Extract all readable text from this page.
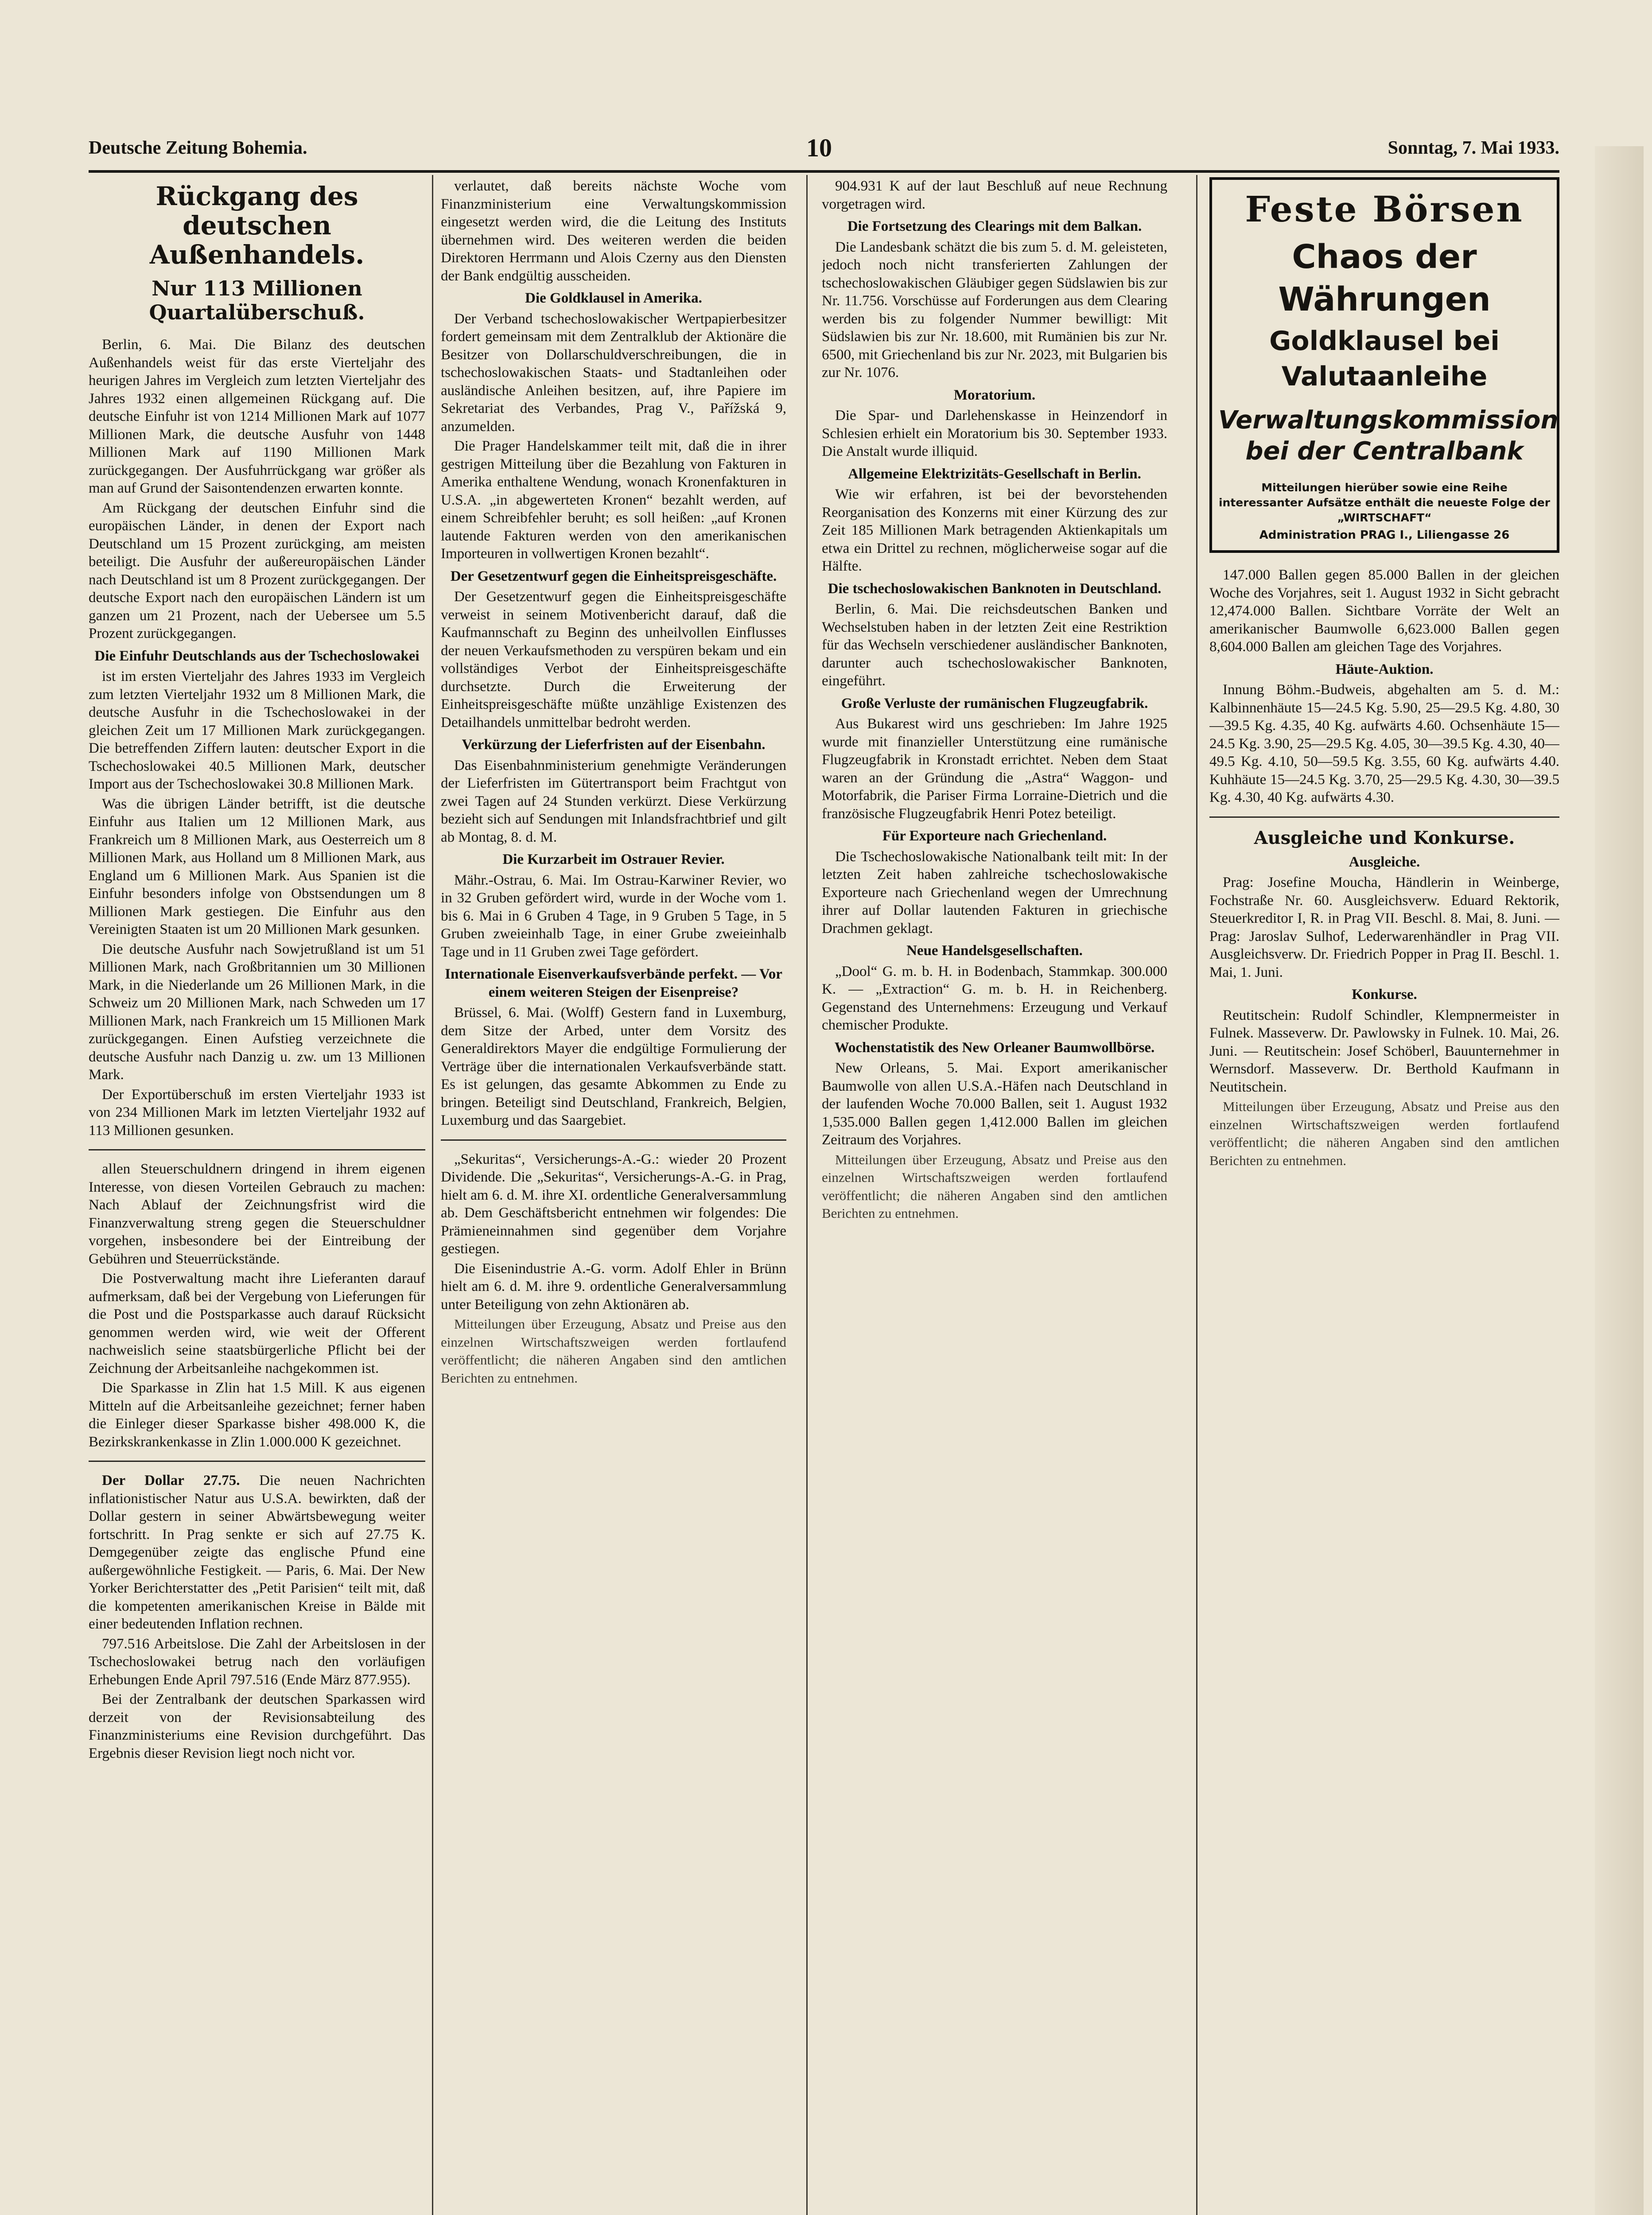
Deutsche Zeitung Bohemia.	10	Sonntag, 7. Mai 1933.
Rückgang des deutschen Außenhandels.
Nur 113 Millionen Quartalüberschuß.

Berlin, 6. Mai. Die Bilanz des deutschen Außenhandels weist für das erste Vierteljahr des heurigen Jahres im Vergleich zum letzten Vierteljahr des Jahres 1932 einen allgemeinen Rückgang auf. Die deutsche Einfuhr ist von 1214 Millionen Mark auf 1077 Millionen Mark, die deutsche Ausfuhr von 1448 Millionen Mark auf 1190 Millionen Mark zurückgegangen. Der Ausfuhrrückgang war größer als man auf Grund der Saisontendenzen erwarten konnte.

Am Rückgang der deutschen Einfuhr sind die europäischen Länder, in denen der Export nach Deutschland um 15 Prozent zurückging, am meisten beteiligt. Die Ausfuhr der außereuropäischen Länder nach Deutschland ist um 8 Prozent zurückgegangen. Der deutsche Export nach den europäischen Ländern ist um ganzen um 21 Prozent, nach der Uebersee um 5.5 Prozent zurückgegangen.

Die Einfuhr Deutschlands aus der Tschechoslowakei

ist im ersten Vierteljahr des Jahres 1933 im Vergleich zum letzten Vierteljahr 1932 um 8 Millionen Mark, die deutsche Ausfuhr in die Tschechoslowakei in der gleichen Zeit um 17 Millionen Mark zurückgegangen. Die betreffenden Ziffern lauten: deutscher Export in die Tschechoslowakei 40.5 Millionen Mark, deutscher Import aus der Tschechoslowakei 30.8 Millionen Mark.

Was die übrigen Länder betrifft, ist die deutsche Einfuhr aus Italien um 12 Millionen Mark, aus Frankreich um 8 Millionen Mark, aus Oesterreich um 8 Millionen Mark, aus Holland um 8 Millionen Mark, aus England um 6 Millionen Mark. Aus Spanien ist die Einfuhr besonders infolge von Obstsendungen um 8 Millionen Mark gestiegen. Die Einfuhr aus den Vereinigten Staaten ist um 20 Millionen Mark gesunken.

Die deutsche Ausfuhr nach Sowjetrußland ist um 51 Millionen Mark, nach Großbritannien um 30 Millionen Mark, in die Niederlande um 26 Millionen Mark, in die Schweiz um 20 Millionen Mark, nach Schweden um 17 Millionen Mark, nach Frankreich um 15 Millionen Mark zurückgegangen. Einen Aufstieg verzeichnete die deutsche Ausfuhr nach Danzig u. zw. um 13 Millionen Mark.

Der Exportüberschuß im ersten Vierteljahr 1933 ist von 234 Millionen Mark im letzten Vierteljahr 1932 auf 113 Millionen gesunken.

allen Steuerschuldnern dringend in ihrem eigenen Interesse, von diesen Vorteilen Gebrauch zu machen: Nach Ablauf der Zeichnungsfrist wird die Finanzverwaltung streng gegen die Steuerschuldner vorgehen, insbesondere bei der Eintreibung der Gebühren und Steuerrückstände.

Die Postverwaltung macht ihre Lieferanten darauf aufmerksam, daß bei der Vergebung von Lieferungen für die Post und die Postsparkasse auch darauf Rücksicht genommen werden wird, wie weit der Offerent nachweislich seine staatsbürgerliche Pflicht bei der Zeichnung der Arbeitsanleihe nachgekommen ist.

Die Sparkasse in Zlin hat 1.5 Mill. K aus eigenen Mitteln auf die Arbeitsanleihe gezeichnet; ferner haben die Einleger dieser Sparkasse bisher 498.000 K, die Bezirkskrankenkasse in Zlin 1.000.000 K gezeichnet.

Der Dollar 27.75. Die neuen Nachrichten inflationistischer Natur aus U.S.A. bewirkten, daß der Dollar gestern in seiner Abwärtsbewegung weiter fortschritt. In Prag senkte er sich auf 27.75 K. Demgegenüber zeigte das englische Pfund eine außergewöhnliche Festigkeit. — Paris, 6. Mai. Der New Yorker Berichterstatter des „Petit Parisien“ teilt mit, daß die kompetenten amerikanischen Kreise in Bälde mit einer bedeutenden Inflation rechnen.

797.516 Arbeitslose. Die Zahl der Arbeitslosen in der Tschechoslowakei betrug nach den vorläufigen Erhebungen Ende April 797.516 (Ende März 877.955).

Bei der Zentralbank der deutschen Sparkassen wird derzeit von der Revisionsabteilung des Finanzministeriums eine Revision durchgeführt. Das Ergebnis dieser Revision liegt noch nicht vor.

verlautet, daß bereits nächste Woche vom Finanzministerium eine Verwaltungskommission eingesetzt werden wird, die die Leitung des Instituts übernehmen wird. Des weiteren werden die beiden Direktoren Herrmann und Alois Czerny aus den Diensten der Bank endgültig ausscheiden.

Die Goldklausel in Amerika.

Der Verband tschechoslowakischer Wertpapierbesitzer fordert gemeinsam mit dem Zentralklub der Aktionäre die Besitzer von Dollarschuldverschreibungen, die in tschechoslowakischen Staats- und Stadtanleihen oder ausländische Anleihen besitzen, auf, ihre Papiere im Sekretariat des Verbandes, Prag V., Pařížská 9, anzumelden.

Die Prager Handelskammer teilt mit, daß die in ihrer gestrigen Mitteilung über die Bezahlung von Fakturen in Amerika enthaltene Wendung, wonach Kronenfakturen in U.S.A. „in abgewerteten Kronen“ bezahlt werden, auf einem Schreibfehler beruht; es soll heißen: „auf Kronen lautende Fakturen werden von den amerikanischen Importeuren in vollwertigen Kronen bezahlt“.

Der Gesetzentwurf gegen die Einheitspreisgeschäfte.

Der Gesetzentwurf gegen die Einheitspreisgeschäfte verweist in seinem Motivenbericht darauf, daß die Kaufmannschaft zu Beginn des unheilvollen Einflusses der neuen Verkaufsmethoden zu verspüren bekam und ein vollständiges Verbot der Einheitspreisgeschäfte durchsetzte. Durch die Erweiterung der Einheitspreisgeschäfte müßte unzählige Existenzen des Detailhandels unmittelbar bedroht werden.

Verkürzung der Lieferfristen auf der Eisenbahn.

Das Eisenbahnministerium genehmigte Veränderungen der Lieferfristen im Gütertransport beim Frachtgut von zwei Tagen auf 24 Stunden verkürzt. Diese Verkürzung bezieht sich auf Sendungen mit Inlandsfrachtbrief und gilt ab Montag, 8. d. M.

Die Kurzarbeit im Ostrauer Revier.

Mähr.-Ostrau, 6. Mai. Im Ostrau-Karwiner Revier, wo in 32 Gruben gefördert wird, wurde in der Woche vom 1. bis 6. Mai in 6 Gruben 4 Tage, in 9 Gruben 5 Tage, in 5 Gruben zweieinhalb Tage, in einer Grube zweieinhalb Tage und in 11 Gruben zwei Tage gefördert.

Internationale Eisenverkaufsverbände perfekt. — Vor einem weiteren Steigen der Eisenpreise?

Brüssel, 6. Mai. (Wolff) Gestern fand in Luxemburg, dem Sitze der Arbed, unter dem Vorsitz des Generaldirektors Mayer die endgültige Formulierung der Verträge über die internationalen Verkaufsverbände statt. Es ist gelungen, das gesamte Abkommen zu Ende zu bringen. Beteiligt sind Deutschland, Frankreich, Belgien, Luxemburg und das Saargebiet.

„Sekuritas“, Versicherungs-A.-G.: wieder 20 Prozent Dividende. Die „Sekuritas“, Versicherungs-A.-G. in Prag, hielt am 6. d. M. ihre XI. ordentliche Generalversammlung ab. Dem Geschäftsbericht entnehmen wir folgendes: Die Prämieneinnahmen sind gegenüber dem Vorjahre gestiegen.

Die Eisenindustrie A.-G. vorm. Adolf Ehler in Brünn hielt am 6. d. M. ihre 9. ordentliche Generalversammlung unter Beteiligung von zehn Aktionären ab.

Mitteilungen über Erzeugung, Absatz und Preise aus den einzelnen Wirtschaftszweigen werden fortlaufend veröffentlicht; die näheren Angaben sind den amtlichen Berichten zu entnehmen.

904.931 K auf der laut Beschluß auf neue Rechnung vorgetragen wird.

Die Fortsetzung des Clearings mit dem Balkan.

Die Landesbank schätzt die bis zum 5. d. M. geleisteten, jedoch noch nicht transferierten Zahlungen der tschechoslowakischen Gläubiger gegen Südslawien bis zur Nr. 11.756. Vorschüsse auf Forderungen aus dem Clearing werden bis zu folgender Nummer bewilligt: Mit Südslawien bis zur Nr. 18.600, mit Rumänien bis zur Nr. 6500, mit Griechenland bis zur Nr. 2023, mit Bulgarien bis zur Nr. 1076.

Moratorium.

Die Spar- und Darlehenskasse in Heinzendorf in Schlesien erhielt ein Moratorium bis 30. September 1933. Die Anstalt wurde illiquid.

Allgemeine Elektrizitäts-Gesellschaft in Berlin.

Wie wir erfahren, ist bei der bevorstehenden Reorganisation des Konzerns mit einer Kürzung des zur Zeit 185 Millionen Mark betragenden Aktienkapitals um etwa ein Drittel zu rechnen, möglicherweise sogar auf die Hälfte.

Die tschechoslowakischen Banknoten in Deutschland.

Berlin, 6. Mai. Die reichsdeutschen Banken und Wechselstuben haben in der letzten Zeit eine Restriktion für das Wechseln verschiedener ausländischer Banknoten, darunter auch tschechoslowakischer Banknoten, eingeführt.

Große Verluste der rumänischen Flugzeugfabrik.

Aus Bukarest wird uns geschrieben: Im Jahre 1925 wurde mit finanzieller Unterstützung eine rumänische Flugzeugfabrik in Kronstadt errichtet. Neben dem Staat waren an der Gründung die „Astra“ Waggon- und Motorfabrik, die Pariser Firma Lorraine-Dietrich und die französische Flugzeugfabrik Henri Potez beteiligt.

Für Exporteure nach Griechenland.

Die Tschechoslowakische Nationalbank teilt mit: In der letzten Zeit haben zahlreiche tschechoslowakische Exporteure nach Griechenland wegen der Umrechnung ihrer auf Dollar lautenden Fakturen in griechische Drachmen geklagt.

Neue Handelsgesellschaften.

„Dool“ G. m. b. H. in Bodenbach, Stammkap. 300.000 K. — „Extraction“ G. m. b. H. in Reichenberg. Gegenstand des Unternehmens: Erzeugung und Verkauf chemischer Produkte.

Wochenstatistik des New Orleaner Baumwollbörse.

New Orleans, 5. Mai. Export amerikanischer Baumwolle von allen U.S.A.-Häfen nach Deutschland in der laufenden Woche 70.000 Ballen, seit 1. August 1932 1,535.000 Ballen gegen 1,412.000 Ballen im gleichen Zeitraum des Vorjahres.

Mitteilungen über Erzeugung, Absatz und Preise aus den einzelnen Wirtschaftszweigen werden fortlaufend veröffentlicht; die näheren Angaben sind den amtlichen Berichten zu entnehmen.

Feste Börsen
Chaos der Währungen
Goldklausel bei Valutaanleihe
Verwaltungskommission bei der Centralbank
Mitteilungen hierüber sowie eine Reihe interessanter Aufsätze enthält die neueste Folge der „WIRTSCHAFT“
Administration PRAG I., Liliengasse 26

147.000 Ballen gegen 85.000 Ballen in der gleichen Woche des Vorjahres, seit 1. August 1932 in Sicht gebracht 12,474.000 Ballen. Sichtbare Vorräte der Welt an amerikanischer Baumwolle 6,623.000 Ballen gegen 8,604.000 Ballen am gleichen Tage des Vorjahres.

Häute-Auktion.

Innung Böhm.-Budweis, abgehalten am 5. d. M.: Kalbinnenhäute 15—24.5 Kg. 5.90, 25—29.5 Kg. 4.80, 30—39.5 Kg. 4.35, 40 Kg. aufwärts 4.60. Ochsenhäute 15—24.5 Kg. 3.90, 25—29.5 Kg. 4.05, 30—39.5 Kg. 4.30, 40—49.5 Kg. 4.10, 50—59.5 Kg. 3.55, 60 Kg. aufwärts 4.40. Kuhhäute 15—24.5 Kg. 3.70, 25—29.5 Kg. 4.30, 30—39.5 Kg. 4.30, 40 Kg. aufwärts 4.30.

Ausgleiche und Konkurse.

Ausgleiche.

Prag: Josefine Moucha, Händlerin in Weinberge, Fochstraße Nr. 60. Ausgleichsverw. Eduard Rektorik, Steuerkreditor I, R. in Prag VII. Beschl. 8. Mai, 8. Juni. — Prag: Jaroslav Sulhof, Lederwarenhändler in Prag VII. Ausgleichsverw. Dr. Friedrich Popper in Prag II. Beschl. 1. Mai, 1. Juni.

Konkurse.

Reutitschein: Rudolf Schindler, Klempnermeister in Fulnek. Masseverw. Dr. Pawlowsky in Fulnek. 10. Mai, 26. Juni. — Reutitschein: Josef Schöberl, Bauunternehmer in Wernsdorf. Masseverw. Dr. Berthold Kaufmann in Neutitschein.

Mitteilungen über Erzeugung, Absatz und Preise aus den einzelnen Wirtschaftszweigen werden fortlaufend veröffentlicht; die näheren Angaben sind den amtlichen Berichten zu entnehmen.
